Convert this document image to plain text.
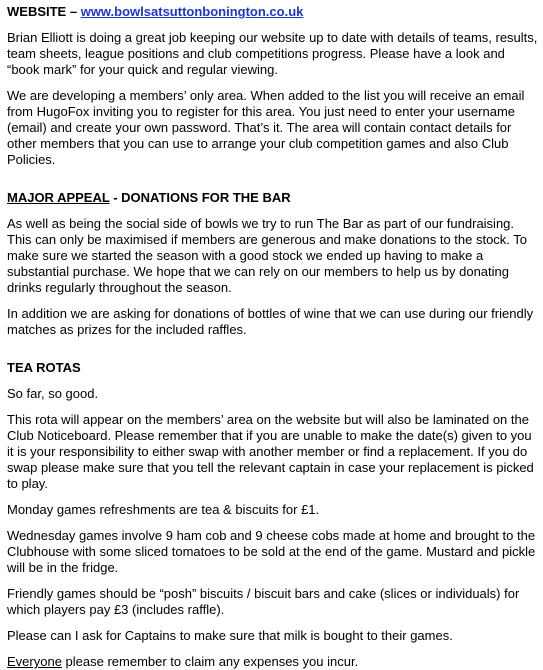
WEBSITE – www.bowlsatsuttonbonington.co.uk

Brian Elliott is doing a great job keeping our website up to date with details of teams, results, team sheets, league positions and club competitions progress. Please have a look and “book mark” for your quick and regular viewing.

We are developing a members’ only area. When added to the list you will receive an email from HugoFox inviting you to register for this area. You just need to enter your username (email) and create your own password. That’s it. The area will contain contact details for other members that you can use to arrange your club competition games and also Club Policies.

MAJOR APPEAL - DONATIONS FOR THE BAR

As well as being the social side of bowls we try to run The Bar as part of our fundraising. This can only be maximised if members are generous and make donations to the stock. To make sure we started the season with a good stock we ended up having to make a substantial purchase. We hope that we can rely on our members to help us by donating drinks regularly throughout the season.

In addition we are asking for donations of bottles of wine that we can use during our friendly matches as prizes for the included raffles.

TEA ROTAS

So far, so good.

This rota will appear on the members’ area on the website but will also be laminated on the Club Noticeboard. Please remember that if you are unable to make the date(s) given to you it is your responsibility to either swap with another member or find a replacement. If you do swap please make sure that you tell the relevant captain in case your replacement is picked to play.

Monday games refreshments are tea & biscuits for £1.

Wednesday games involve 9 ham cob and 9 cheese cobs made at home and brought to the Clubhouse with some sliced tomatoes to be sold at the end of the game. Mustard and pickle will be in the fridge.

Friendly games should be “posh” biscuits / biscuit bars and cake (slices or individuals) for which players pay £3 (includes raffle).

Please can I ask for Captains to make sure that milk is bought to their games.

Everyone please remember to claim any expenses you incur.
